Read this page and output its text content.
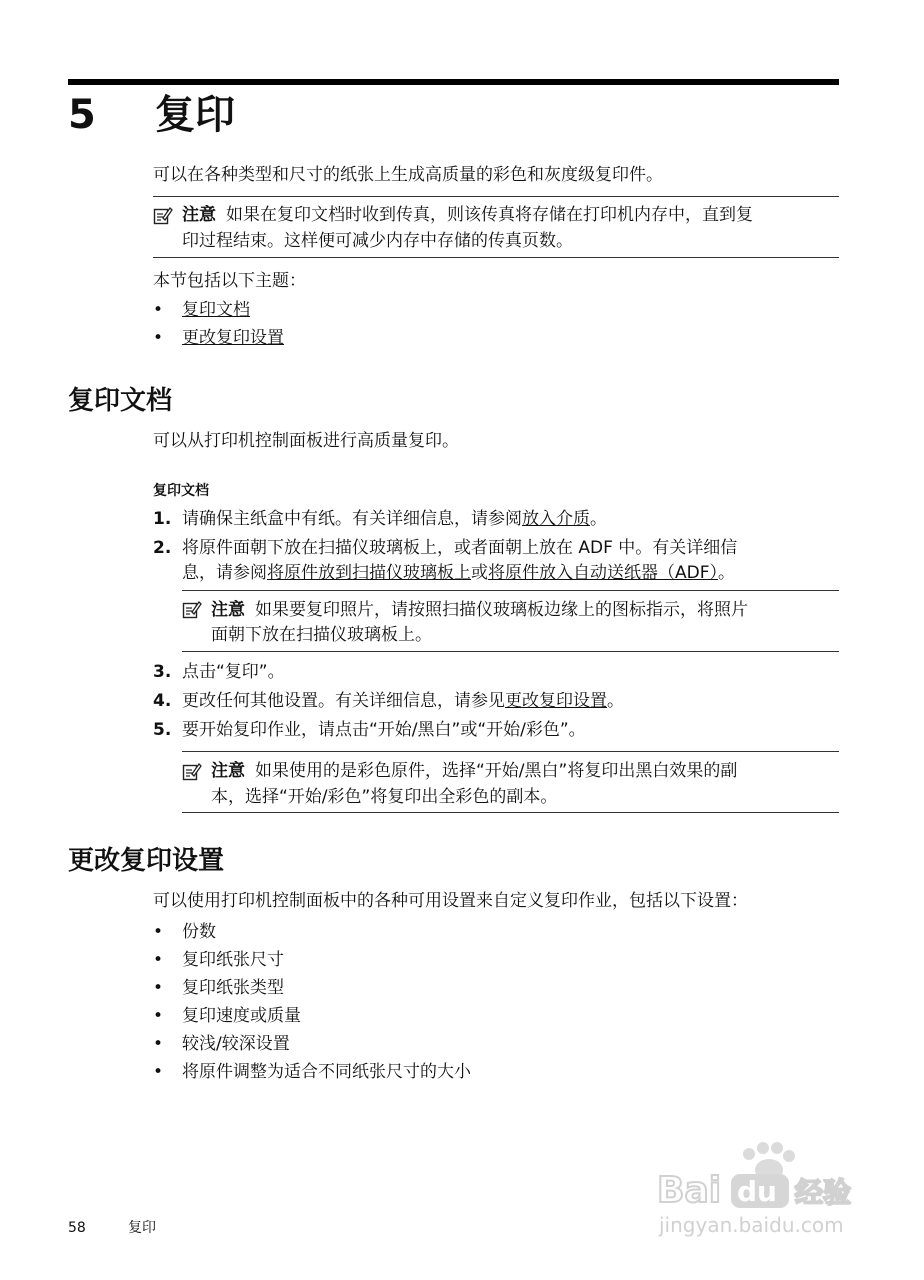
5 复印
可以在各种类型和尺寸的纸张上生成高质量的彩色和灰度级复印件。
注意 如果在复印文档时收到传真，则该传真将存储在打印机内存中，直到复
印过程结束。这样便可减少内存中存储的传真页数。
本节包括以下主题：
• 复印文档
• 更改复印设置
复印文档
可以从打印机控制面板进行高质量复印。
复印文档
1. 请确保主纸盒中有纸。有关详细信息，请参阅放入介质。
2. 将原件面朝下放在扫描仪玻璃板上，或者面朝上放在 ADF 中。有关详细信
息，请参阅将原件放到扫描仪玻璃板上或将原件放入自动送纸器（ADF）。
注意 如果要复印照片，请按照扫描仪玻璃板边缘上的图标指示，将照片
面朝下放在扫描仪玻璃板上。
3. 点击“复印”。
4. 更改任何其他设置。有关详细信息，请参见更改复印设置。
5. 要开始复印作业，请点击“开始/黑白”或“开始/彩色”。
注意 如果使用的是彩色原件，选择“开始/黑白”将复印出黑白效果的副
本，选择“开始/彩色”将复印出全彩色的副本。
更改复印设置
可以使用打印机控制面板中的各种可用设置来自定义复印作业，包括以下设置：
• 份数
• 复印纸张尺寸
• 复印纸张类型
• 复印速度或质量
• 较浅/较深设置
• 将原件调整为适合不同纸张尺寸的大小
Bai du 经验
jingyan.baidu.com
58	复印
